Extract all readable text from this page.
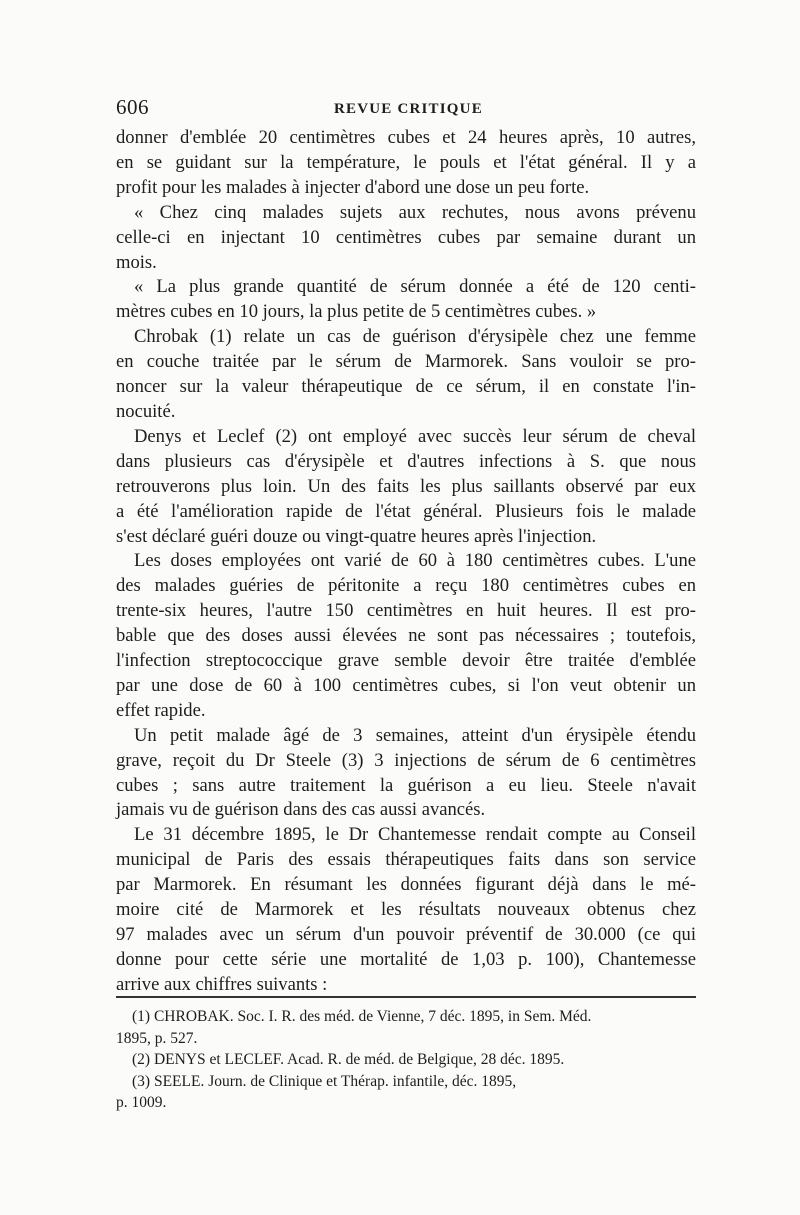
606	REVUE CRITIQUE
donner d'emblée 20 centimètres cubes et 24 heures après, 10 autres,
en se guidant sur la température, le pouls et l'état général. Il y a
profit pour les malades à injecter d'abord une dose un peu forte.
« Chez cinq malades sujets aux rechutes, nous avons prévenu
celle-ci en injectant 10 centimètres cubes par semaine durant un
mois.
« La plus grande quantité de sérum donnée a été de 120 centi-
mètres cubes en 10 jours, la plus petite de 5 centimètres cubes. »
Chrobak (1) relate un cas de guérison d'érysipèle chez une femme
en couche traitée par le sérum de Marmorek. Sans vouloir se pro-
noncer sur la valeur thérapeutique de ce sérum, il en constate l'in-
nocuité.
Denys et Leclef (2) ont employé avec succès leur sérum de cheval
dans plusieurs cas d'érysipèle et d'autres infections à S. que nous
retrouverons plus loin. Un des faits les plus saillants observé par eux
a été l'amélioration rapide de l'état général. Plusieurs fois le malade
s'est déclaré guéri douze ou vingt-quatre heures après l'injection.
Les doses employées ont varié de 60 à 180 centimètres cubes. L'une
des malades guéries de péritonite a reçu 180 centimètres cubes en
trente-six heures, l'autre 150 centimètres en huit heures. Il est pro-
bable que des doses aussi élevées ne sont pas nécessaires ; toutefois,
l'infection streptococcique grave semble devoir être traitée d'emblée
par une dose de 60 à 100 centimètres cubes, si l'on veut obtenir un
effet rapide.
Un petit malade âgé de 3 semaines, atteint d'un érysipèle étendu
grave, reçoit du Dr Steele (3) 3 injections de sérum de 6 centimètres
cubes ; sans autre traitement la guérison a eu lieu. Steele n'avait
jamais vu de guérison dans des cas aussi avancés.
Le 31 décembre 1895, le Dr Chantemesse rendait compte au Conseil
municipal de Paris des essais thérapeutiques faits dans son service
par Marmorek. En résumant les données figurant déjà dans le mé-
moire cité de Marmorek et les résultats nouveaux obtenus chez
97 malades avec un sérum d'un pouvoir préventif de 30.000 (ce qui
donne pour cette série une mortalité de 1,03 p. 100), Chantemesse
arrive aux chiffres suivants :
(1) CHROBAK. Soc. I. R. des méd. de Vienne, 7 déc. 1895, in Sem. Méd.
1895, p. 527.
(2) DENYS et LECLEF. Acad. R. de méd. de Belgique, 28 déc. 1895.
(3) SEELE. Journ. de Clinique et Thérap. infantile, déc. 1895,
p. 1009.
